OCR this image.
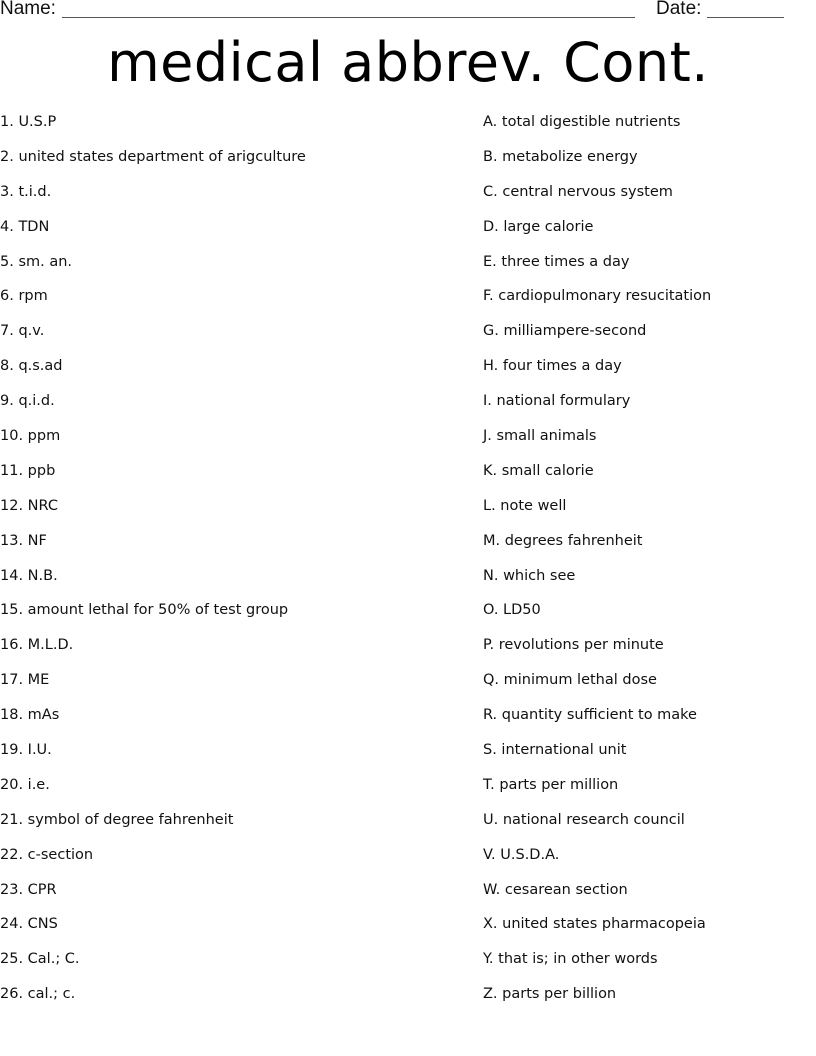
Name:	Date:
medical abbrev. Cont.
1. U.S.P
2. united states department of arigculture
3. t.i.d.
4. TDN
5. sm. an.
6. rpm
7. q.v.
8. q.s.ad
9. q.i.d.
10. ppm
11. ppb
12. NRC
13. NF
14. N.B.
15. amount lethal for 50% of test group
16. M.L.D.
17. ME
18. mAs
19. I.U.
20. i.e.
21. symbol of degree fahrenheit
22. c-section
23. CPR
24. CNS
25. Cal.; C.
26. cal.; c.
A. total digestible nutrients
B. metabolize energy
C. central nervous system
D. large calorie
E. three times a day
F. cardiopulmonary resucitation
G. milliampere-second
H. four times a day
I. national formulary
J. small animals
K. small calorie
L. note well
M. degrees fahrenheit
N. which see
O. LD50
P. revolutions per minute
Q. minimum lethal dose
R. quantity sufficient to make
S. international unit
T. parts per million
U. national research council
V. U.S.D.A.
W. cesarean section
X. united states pharmacopeia
Y. that is; in other words
Z. parts per billion
